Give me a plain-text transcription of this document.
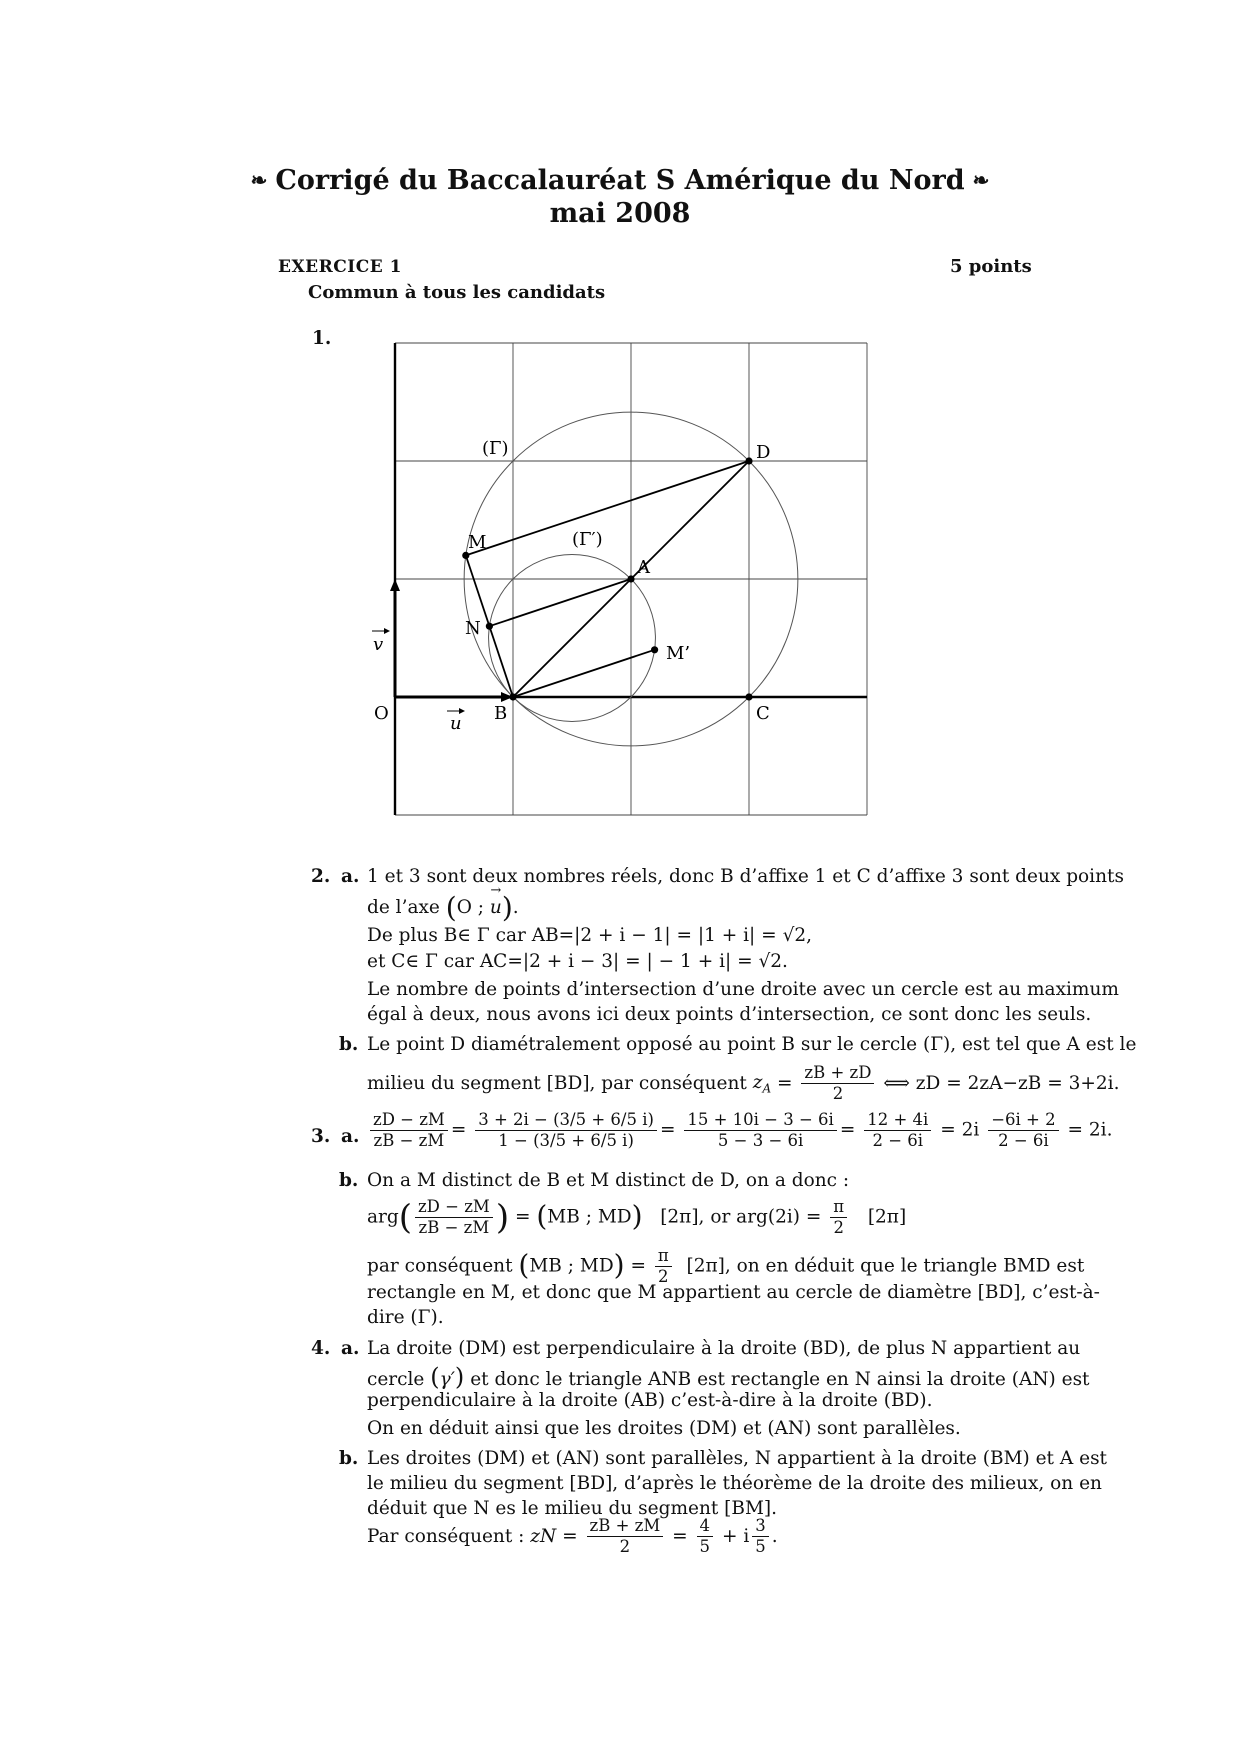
❧ Corrigé du Baccalauréat S Amérique du Nord ❧
mai 2008
EXERCICE 1	5 points
Commun à tous les candidats
1.
(Γ)
(Γ′)
D
M
A
N
M’
v
O	u B	C
2. a. 1 et 3 sont deux nombres réels, donc B d’affixe 1 et C d’affixe 3 sont deux points
de l’axe (O ; → u).
De plus B∈ Γ car AB=|2 + i − 1| = |1 + i| = √2,
et C∈ Γ car AC=|2 + i − 3| = | − 1 + i| = √2.
Le nombre de points d’intersection d’une droite avec un cercle est au maximum
égal à deux, nous avons ici deux points d’intersection, ce sont donc les seuls.
b. Le point D diamétralement opposé au point B sur le cercle (Γ), est tel que A est le
milieu du segment [BD], par conséquent $z_A = \frac{zB + zD}{2}$ ⟺ zD = 2zA−zB = 3+2i.
3. a. $\frac{zD - zM}{zB - zM} = \frac{3 + 2i - (3/5 + 6/5 i)}{1 - (3/5 + 6/5 i)} = \frac{15 + 10i - 3 - 6i}{5 - 3 - 6i} = \frac{12 + 4i}{2 - 6i} = 2i \frac{-6i + 2}{2 - 6i} = 2i$.
b. On a M distinct de B et M distinct de D, on a donc :
$arg( \frac{zD - zM}{zB - zM}$ ) = (MB ; MD) [2π], or $arg(2i) = \frac{\pi}{2} [2\pi]$
par conséquent (MB ; $MD) = \frac{\pi}{2} [2\pi]$, on en déduit que le triangle BMD est
rectangle en M, et donc que M appartient au cercle de diamètre [BD], c’est-à-
dire (Γ).
4. a. La droite (DM) est perpendiculaire à la droite (BD), de plus N appartient au
cercle (γ′) et donc le triangle ANB est rectangle en N ainsi la droite (AN) est
perpendiculaire à la droite (AB) c’est-à-dire à la droite (BD).
On en déduit ainsi que les droites (DM) et (AN) sont parallèles.
b. Les droites (DM) et (AN) sont parallèles, N appartient à la droite (BM) et A est
le milieu du segment [BD], d’après le théorème de la droite des milieux, on en
déduit que N es le milieu du segment [BM].
Par conséquent : zN = $\frac{zB + zM}{2} = \frac{4}{5} + i \frac{3}{5}$ .
